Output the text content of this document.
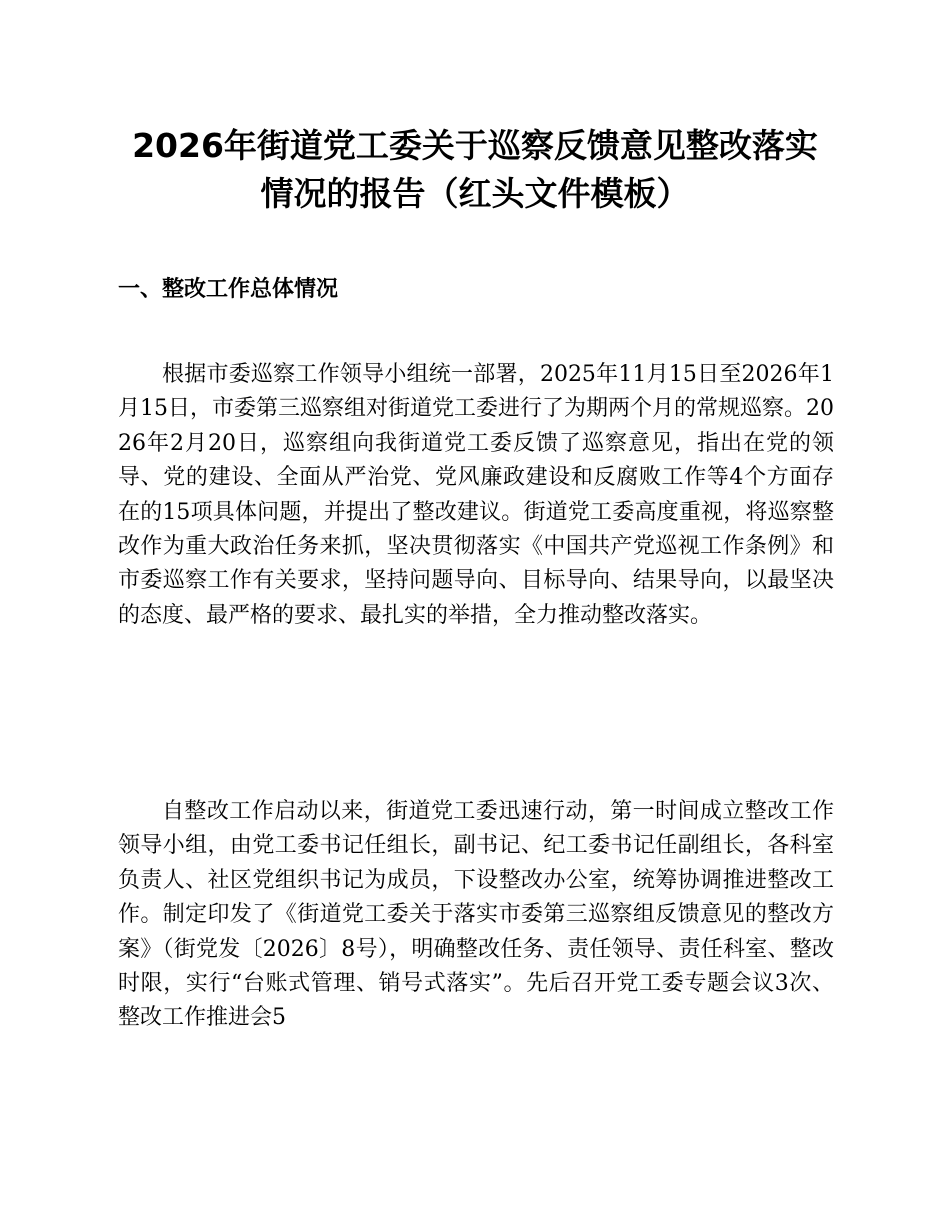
2026年街道党工委关于巡察反馈意见整改落实情况的报告（红头文件模板）
一、整改工作总体情况

根据市委巡察工作领导小组统一部署，2025年11月15日至2026年1月15日，市委第三巡察组对街道党工委进行了为期两个月的常规巡察。2026年2月20日，巡察组向我街道党工委反馈了巡察意见，指出在党的领导、党的建设、全面从严治党、党风廉政建设和反腐败工作等4个方面存在的15项具体问题，并提出了整改建议。街道党工委高度重视，将巡察整改作为重大政治任务来抓，坚决贯彻落实《中国共产党巡视工作条例》和市委巡察工作有关要求，坚持问题导向、目标导向、结果导向，以最坚决的态度、最严格的要求、最扎实的举措，全力推动整改落实。

自整改工作启动以来，街道党工委迅速行动，第一时间成立整改工作领导小组，由党工委书记任组长，副书记、纪工委书记任副组长，各科室负责人、社区党组织书记为成员，下设整改办公室，统筹协调推进整改工作。制定印发了《街道党工委关于落实市委第三巡察组反馈意见的整改方案》（街党发〔2026〕8号），明确整改任务、责任领导、责任科室、整改时限，实行“台账式管理、销号式落实”。先后召开党工委专题会议3次、整改工作推进会5
